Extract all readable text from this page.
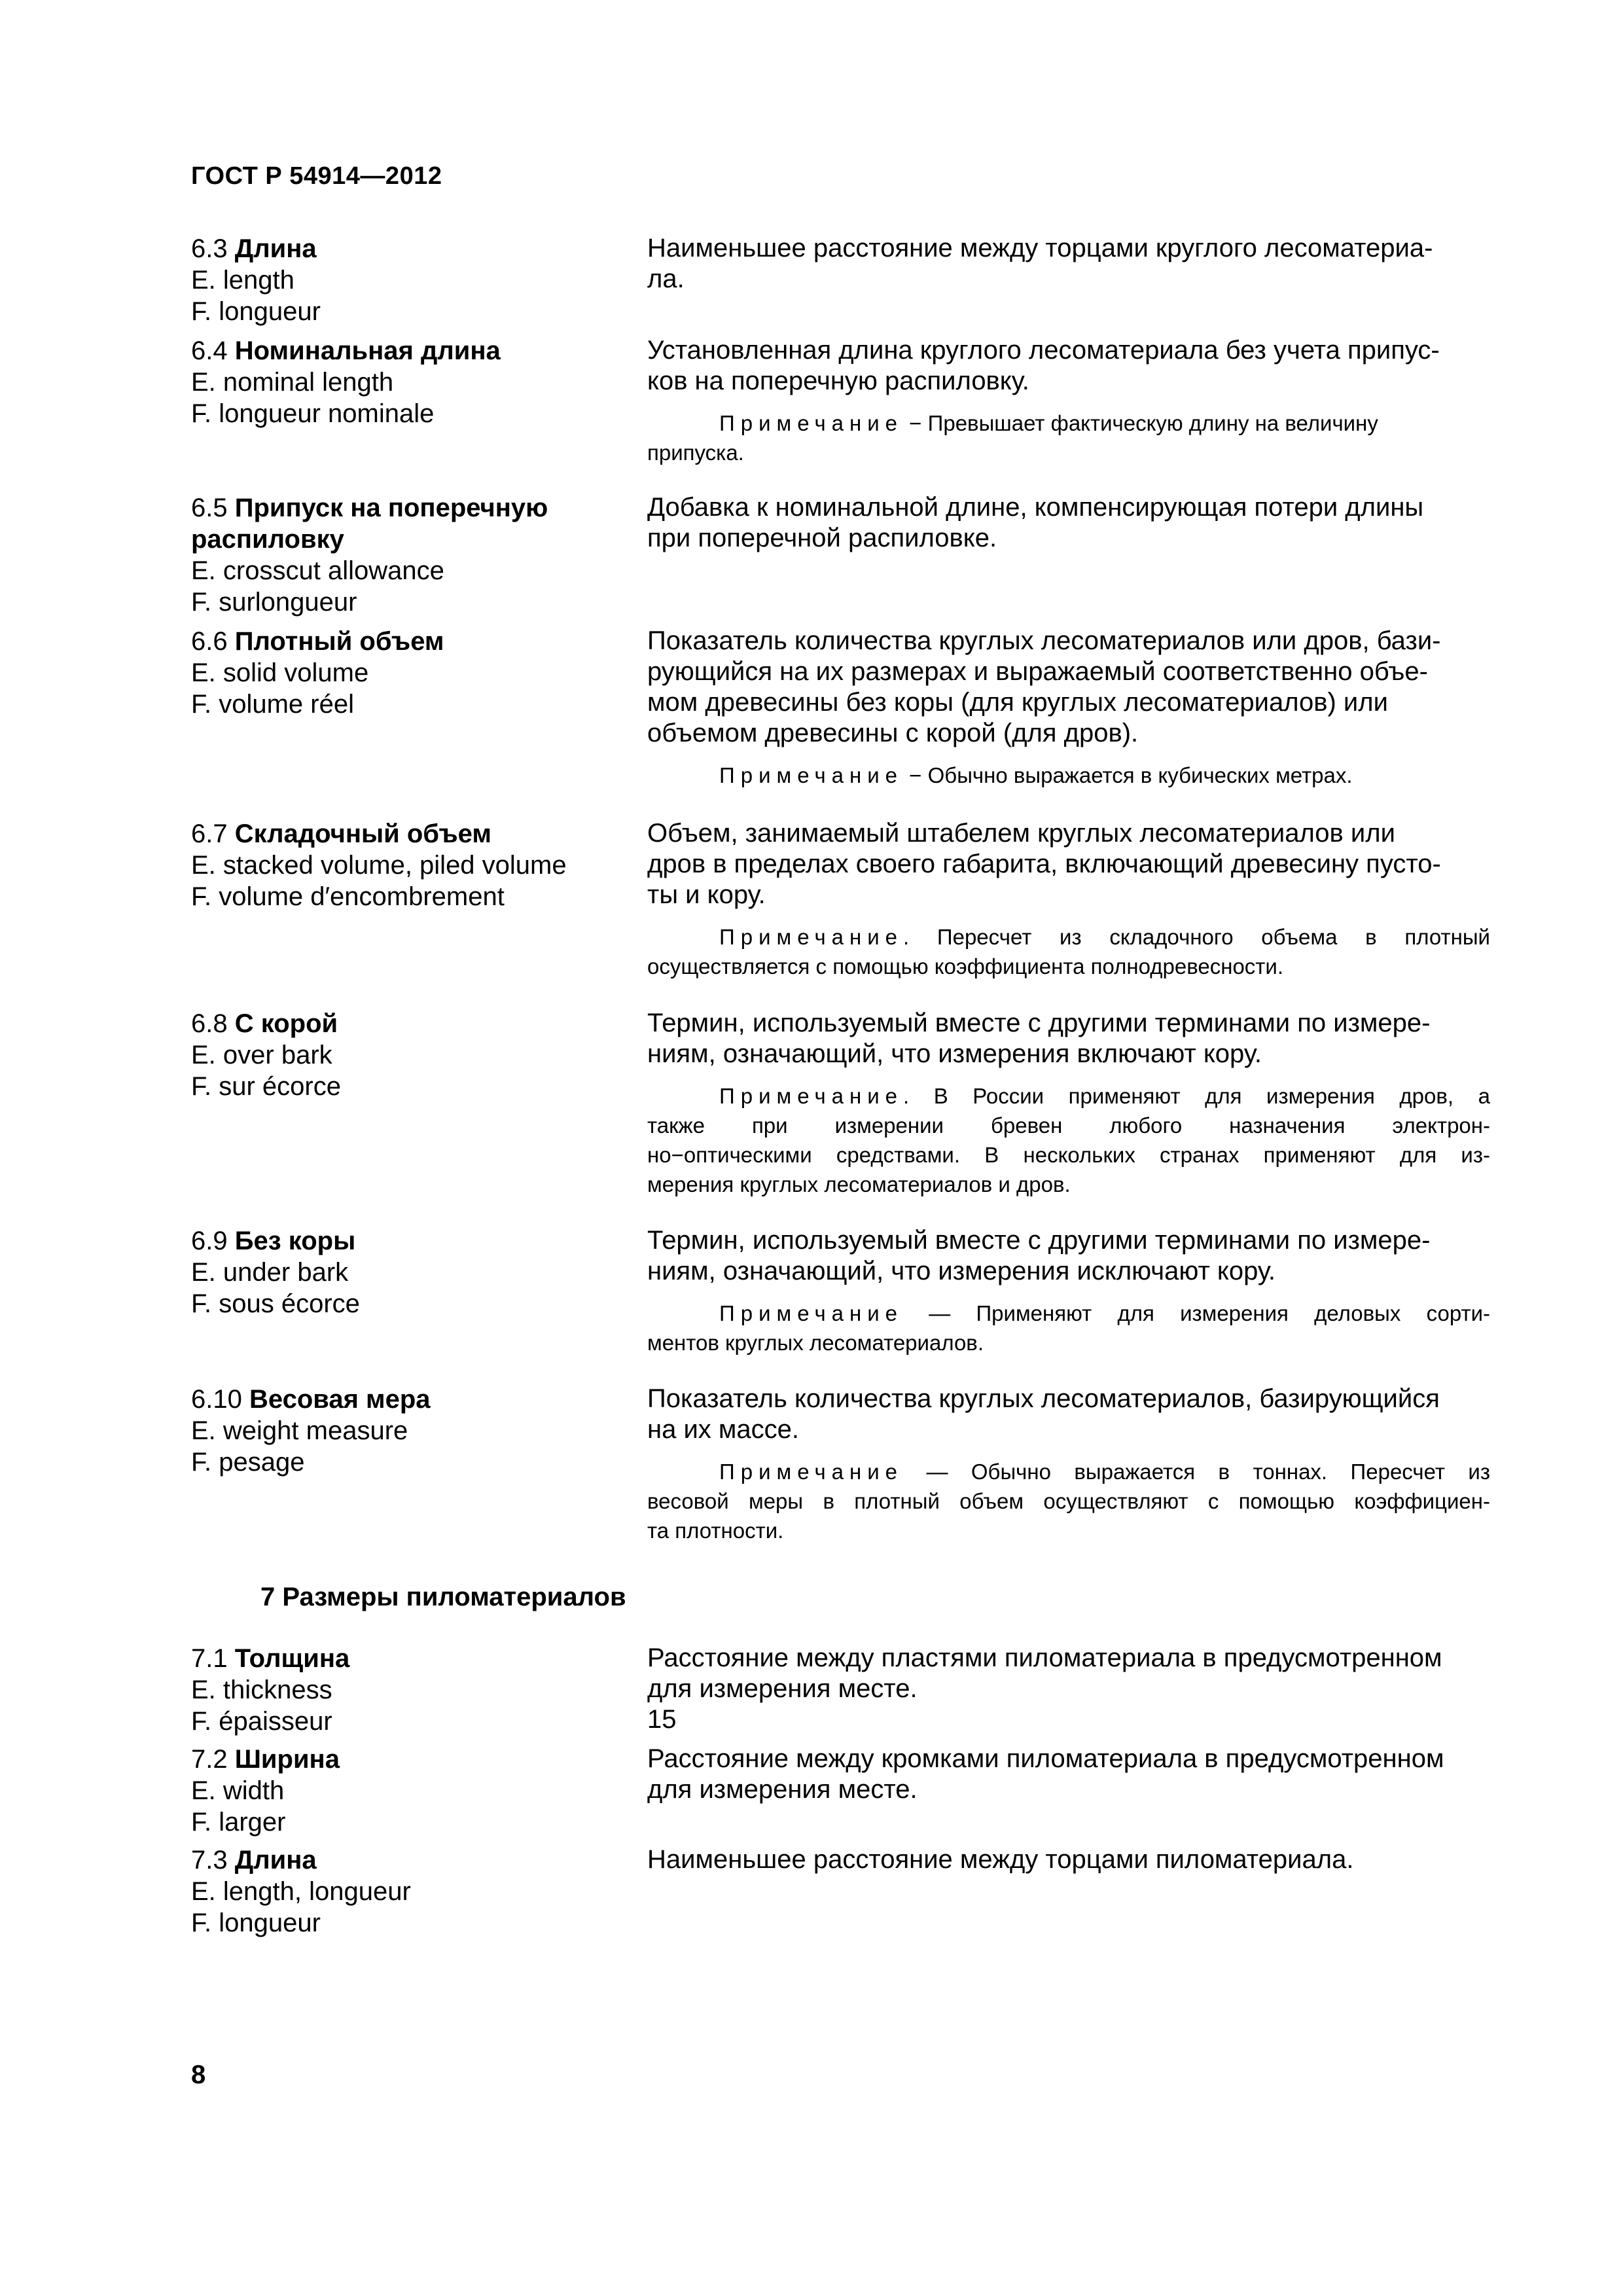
ГОСТ Р 54914—2012
6.3 Длина
E. length
F. longueur
Наименьшее расстояние между торцами круглого лесоматериа-
ла.
6.4 Номинальная длина
E. nominal length
F. longueur nominale
Установленная длина круглого лесоматериала без учета припус-
ков на поперечную распиловку.
Примечание − Превышает фактическую длину на величину
припуска.
6.5 Припуск на поперечную
распиловку
E. crosscut allowance
F. surlongueur
Добавка к номинальной длине, компенсирующая потери длины
при поперечной распиловке.
6.6 Плотный объем
E. solid volume
F. volume réel
Показатель количества круглых лесоматериалов или дров, бази-
рующийся на их размерах и выражаемый соответственно объе-
мом древесины без коры (для круглых лесоматериалов) или
объемом древесины с корой (для дров).
Примечание − Обычно выражается в кубических метрах.
6.7 Складочный объем
E. stacked volume, piled volume
F. volume d′encombrement
Объем, занимаемый штабелем круглых лесоматериалов или
дров в пределах своего габарита, включающий древесину пусто-
ты и кору.
Примечание. Пересчет из складочного объема в плотный
осуществляется с помощью коэффициента полнодревесности.
6.8 С корой
E. over bark
F. sur écorce
Термин, используемый вместе с другими терминами по измере-
ниям, означающий, что измерения включают кору.
Примечание. В России применяют для измерения дров, а
также при измерении бревен любого назначения электрон-
но−оптическими средствами. В нескольких странах применяют для из-
мерения круглых лесоматериалов и дров.
6.9 Без коры
E. under bark
F. sous écorce
Термин, используемый вместе с другими терминами по измере-
ниям, означающий, что измерения исключают кору.
Примечание — Применяют для измерения деловых сорти-
ментов круглых лесоматериалов.
6.10 Весовая мера
E. weight measure
F. pesage
Показатель количества круглых лесоматериалов, базирующийся
на их массе.
Примечание — Обычно выражается в тоннах. Пересчет из
весовой меры в плотный объем осуществляют с помощью коэффициен-
та плотности.
7 Размеры пиломатериалов
7.1 Толщина
E. thickness
F. épaisseur
Расстояние между пластями пиломатериала в предусмотренном
для измерения месте.
15
7.2 Ширина
E. width
F. larger
Расстояние между кромками пиломатериала в предусмотренном
для измерения месте.
7.3 Длина
E. length, longueur
F. longueur
Наименьшее расстояние между торцами пиломатериала.
8
